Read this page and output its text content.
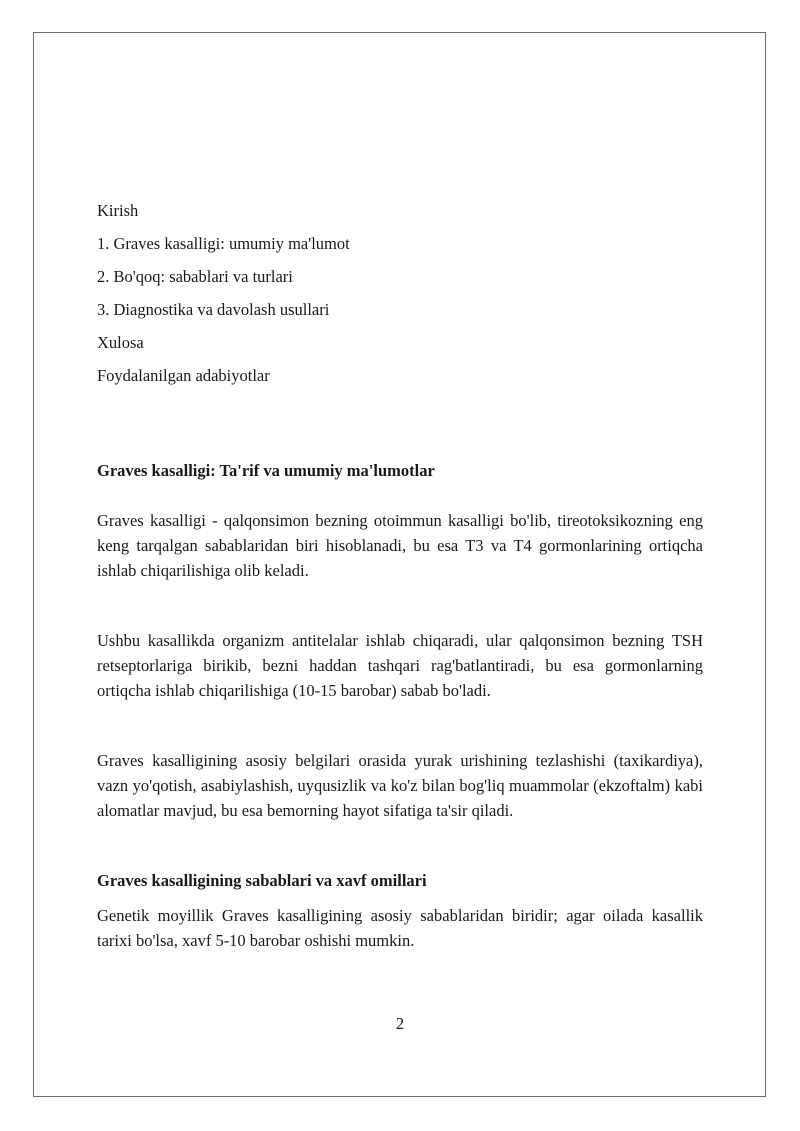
Kirish

1. Graves kasalligi: umumiy ma'lumot

2. Bo'qoq: sabablari va turlari

3. Diagnostika va davolash usullari

Xulosa

Foydalanilgan adabiyotlar

Graves kasalligi: Ta'rif va umumiy ma'lumotlar

Graves kasalligi - qalqonsimon bezning otoimmun kasalligi bo'lib, tireotoksikozning eng keng tarqalgan sabablaridan biri hisoblanadi, bu esa T3 va T4 gormonlarining ortiqcha ishlab chiqarilishiga olib keladi.

Ushbu kasallikda organizm antitelalar ishlab chiqaradi, ular qalqonsimon bezning TSH retseptorlariga birikib, bezni haddan tashqari rag'batlantiradi, bu esa gormonlarning ortiqcha ishlab chiqarilishiga (10-15 barobar) sabab bo'ladi.

Graves kasalligining asosiy belgilari orasida yurak urishining tezlashishi (taxikardiya), vazn yo'qotish, asabiylashish, uyqusizlik va ko'z bilan bog'liq muammolar (ekzoftalm) kabi alomatlar mavjud, bu esa bemorning hayot sifatiga ta'sir qiladi.

Graves kasalligining sabablari va xavf omillari

Genetik moyillik Graves kasalligining asosiy sabablaridan biridir; agar oilada kasallik tarixi bo'lsa, xavf 5-10 barobar oshishi mumkin.

2
